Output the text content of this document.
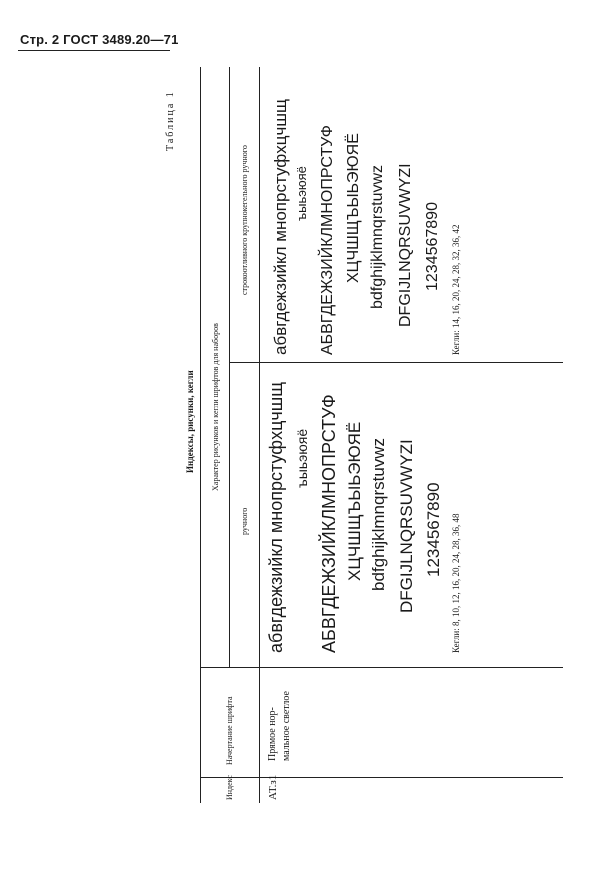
Стр. 2 ГОСТ 3489.20—71
Таблица 1
Индексы, рисунки, кегли
Индекс
Начертание шрифта
Характер рисунков и кегли шрифтов для наборов
ручного
строкоотливного крупнокегельного ручного
АТ.з1
Прямое нор- мальное светлое
абвгдежзийкл мнопрстуфхцчшщ ъыьэюяё АБВГДЕЖЗИЙКЛМНОПРСТУФ ХЦЧШЩЪЫЬЭЮЯЁ bdfghijklmnqrstuvwz DFGIJLNQRSUVWYZI 1234567890 Кегли: 8, 10, 12, 16, 20, 24, 28, 36, 48
абвгдежзийкл мнопрстуфхцчшщ ъыьэюяё АБВГДЕЖЗИЙКЛМНОПРСТУФ ХЦЧШЩЪЫЬЭЮЯЁ bdfghijklmnqrstuvwz DFGIJLNQRSUVWYZI 1234567890 Кегли: 14, 16, 20, 24, 28, 32, 36, 42
